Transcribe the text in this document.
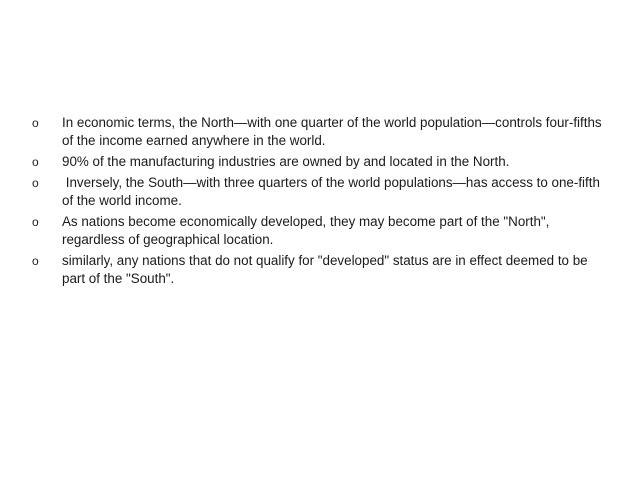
o	In economic terms, the North—with one quarter of the world population—controls four-fifths of the income earned anywhere in the world.
o	90% of the manufacturing industries are owned by and located in the North.
o	Inversely, the South—with three quarters of the world populations—has access to one-fifth of the world income.
o	As nations become economically developed, they may become part of the "North", regardless of geographical location.
o	similarly, any nations that do not qualify for "developed" status are in effect deemed to be part of the "South".
